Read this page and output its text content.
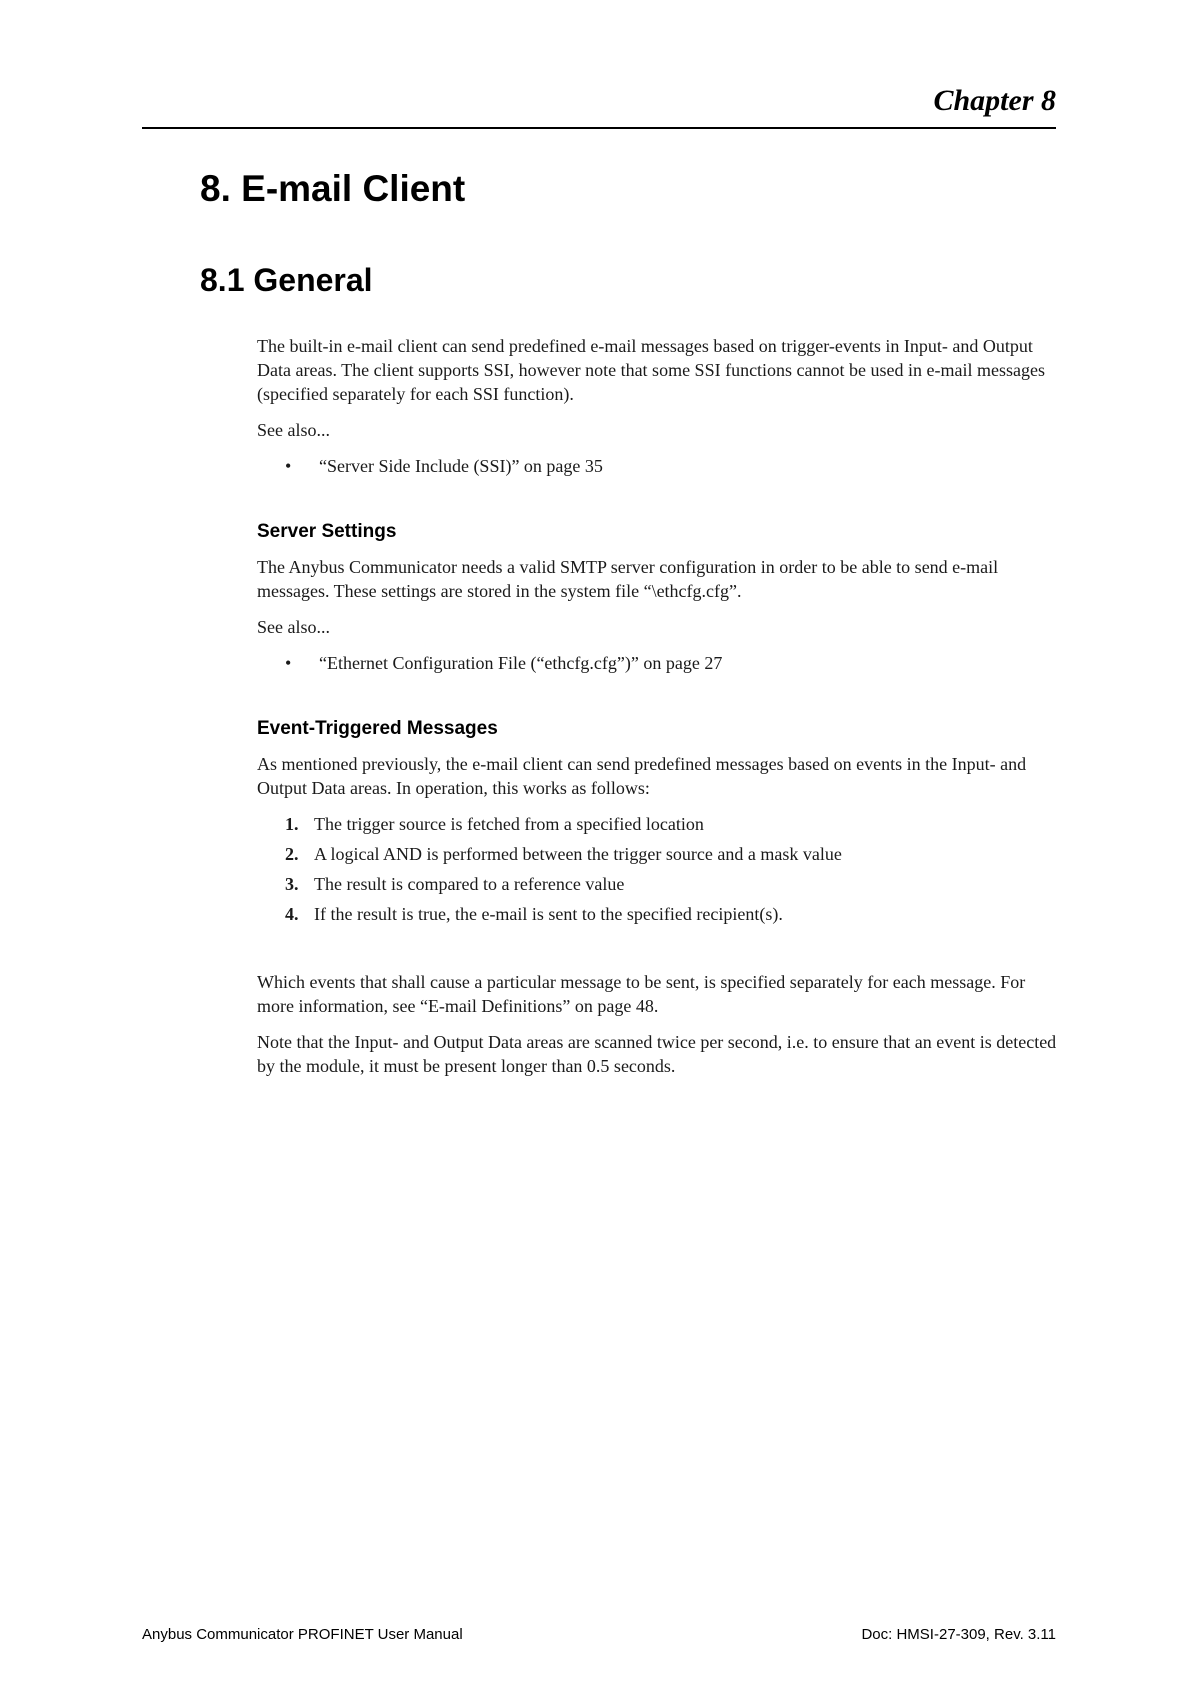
Chapter 8
8. E-mail Client
8.1 General

The built-in e-mail client can send predefined e-mail messages based on trigger-events in Input- and Output Data areas. The client supports SSI, however note that some SSI functions cannot be used in e-mail messages (specified separately for each SSI function).

See also...

• “Server Side Include (SSI)” on page 35
Server Settings

The Anybus Communicator needs a valid SMTP server configuration in order to be able to send e-mail messages. These settings are stored in the system file “\ethcfg.cfg”.

See also...

• “Ethernet Configuration File (“ethcfg.cfg”)” on page 27
Event-Triggered Messages

As mentioned previously, the e-mail client can send predefined messages based on events in the Input- and Output Data areas. In operation, this works as follows:

1. The trigger source is fetched from a specified location
2. A logical AND is performed between the trigger source and a mask value
3. The result is compared to a reference value
4. If the result is true, the e-mail is sent to the specified recipient(s).

Which events that shall cause a particular message to be sent, is specified separately for each message. For more information, see “E-mail Definitions” on page 48.

Note that the Input- and Output Data areas are scanned twice per second, i.e. to ensure that an event is detected by the module, it must be present longer than 0.5 seconds.

Anybus Communicator PROFINET User Manual	Doc: HMSI-27-309, Rev. 3.11
